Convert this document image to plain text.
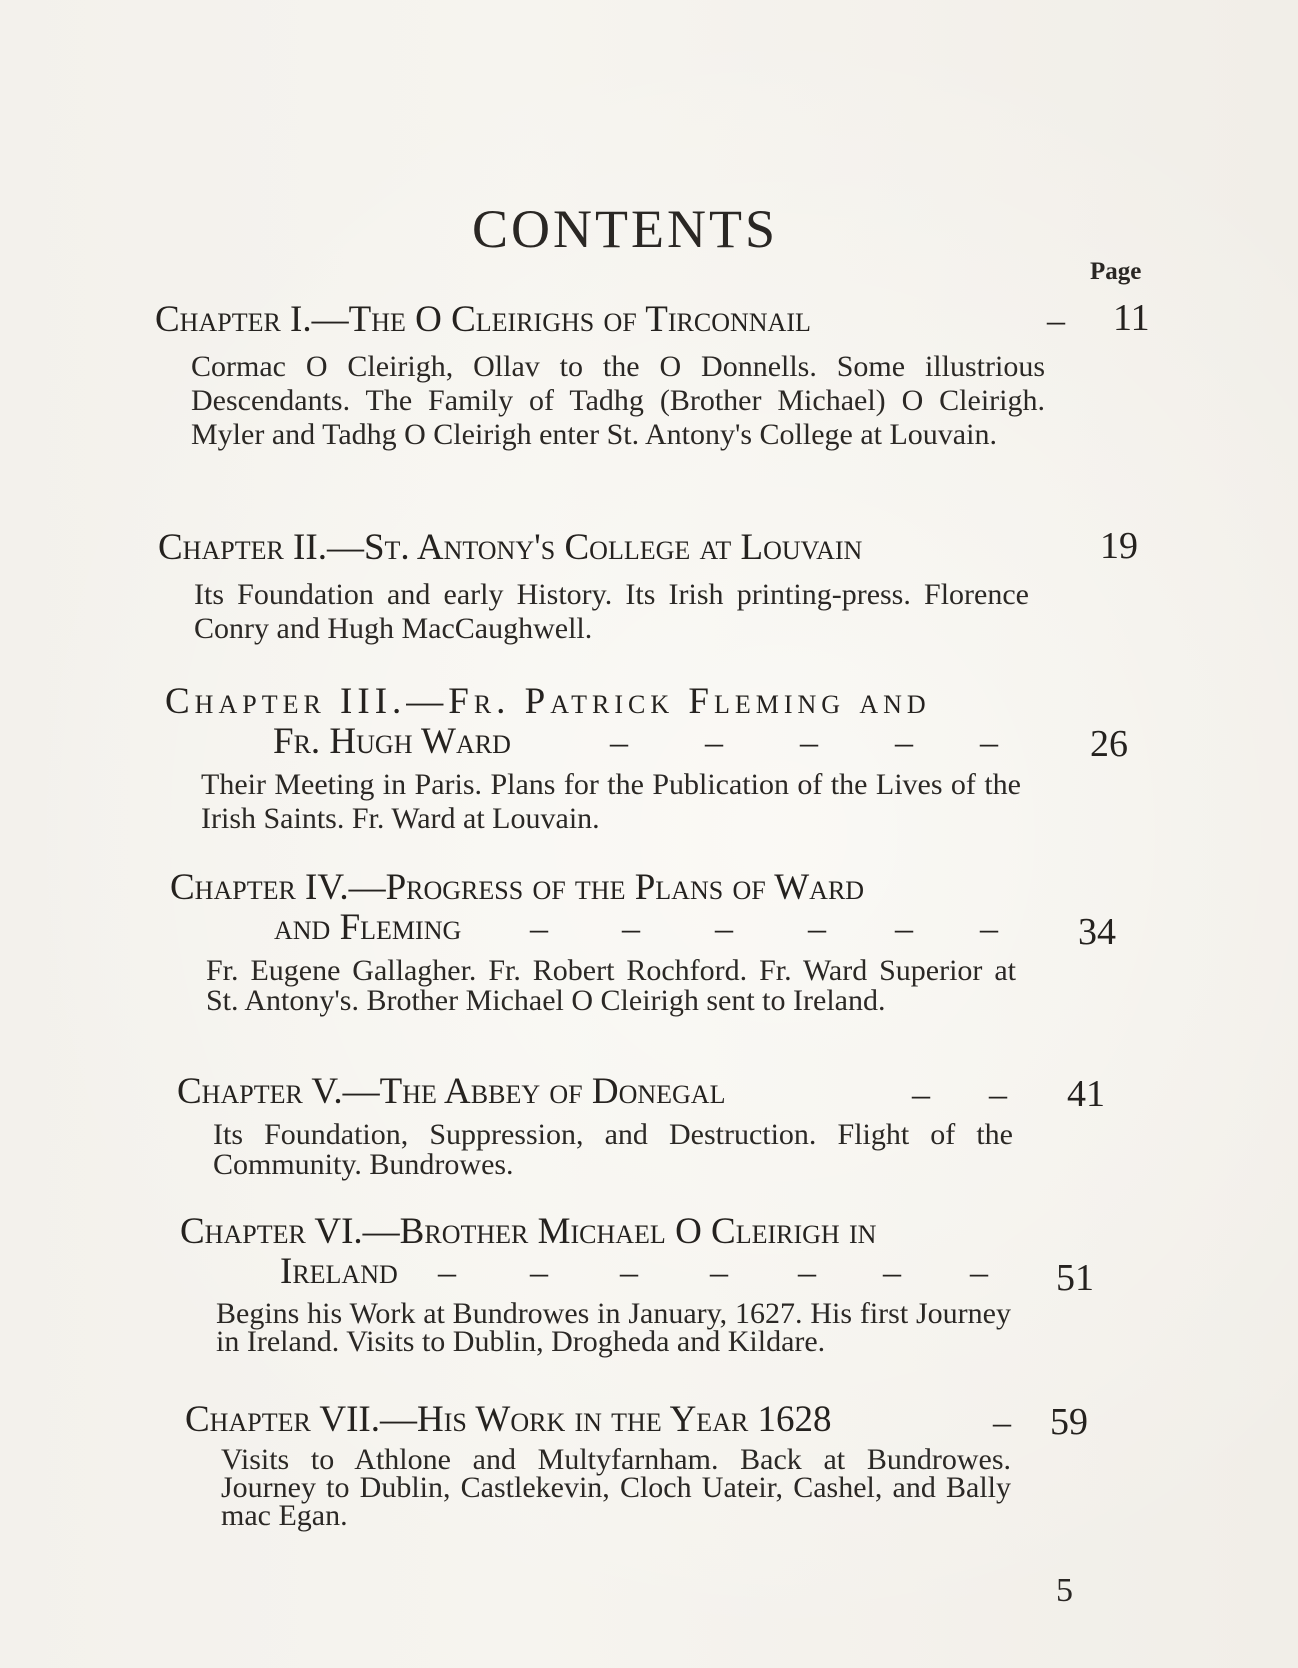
CONTENTS
Page
Chapter I.—The O Cleirighs of Tirconnail	– 11
Cormac O Cleirigh, Ollav to the O Donnells. Some illustrious Descendants. The Family of Tadhg (Brother Michael) O Cleirigh. Myler and Tadhg O Cleirigh enter St. Antony's College at Louvain.
Chapter II.—St. Antony's College at Louvain	19
Its Foundation and early History. Its Irish printing-press. Florence Conry and Hugh MacCaughwell.
Chapter III.—Fr. Patrick Fleming and
Fr. Hugh Ward	– – – – – 26
Their Meeting in Paris. Plans for the Publication of the Lives of the Irish Saints. Fr. Ward at Louvain.
Chapter IV.—Progress of the Plans of Ward
and Fleming – – – – – – 34
Fr. Eugene Gallagher. Fr. Robert Rochford. Fr. Ward Superior at St. Antony's. Brother Michael O Cleirigh sent to Ireland.
Chapter V.—The Abbey of Donegal	– – 41
Its Foundation, Suppression, and Destruction. Flight of the Community. Bundrowes.
Chapter VI.—Brother Michael O Cleirigh in
Ireland – – – – – – – 51
Begins his Work at Bundrowes in January, 1627. His first Journey in Ireland. Visits to Dublin, Drogheda and Kildare.
Chapter VII.—His Work in the Year 1628	– 59
Visits to Athlone and Multyfarnham. Back at Bundrowes. Journey to Dublin, Castlekevin, Cloch Uateir, Cashel, and Bally mac Egan.
5
